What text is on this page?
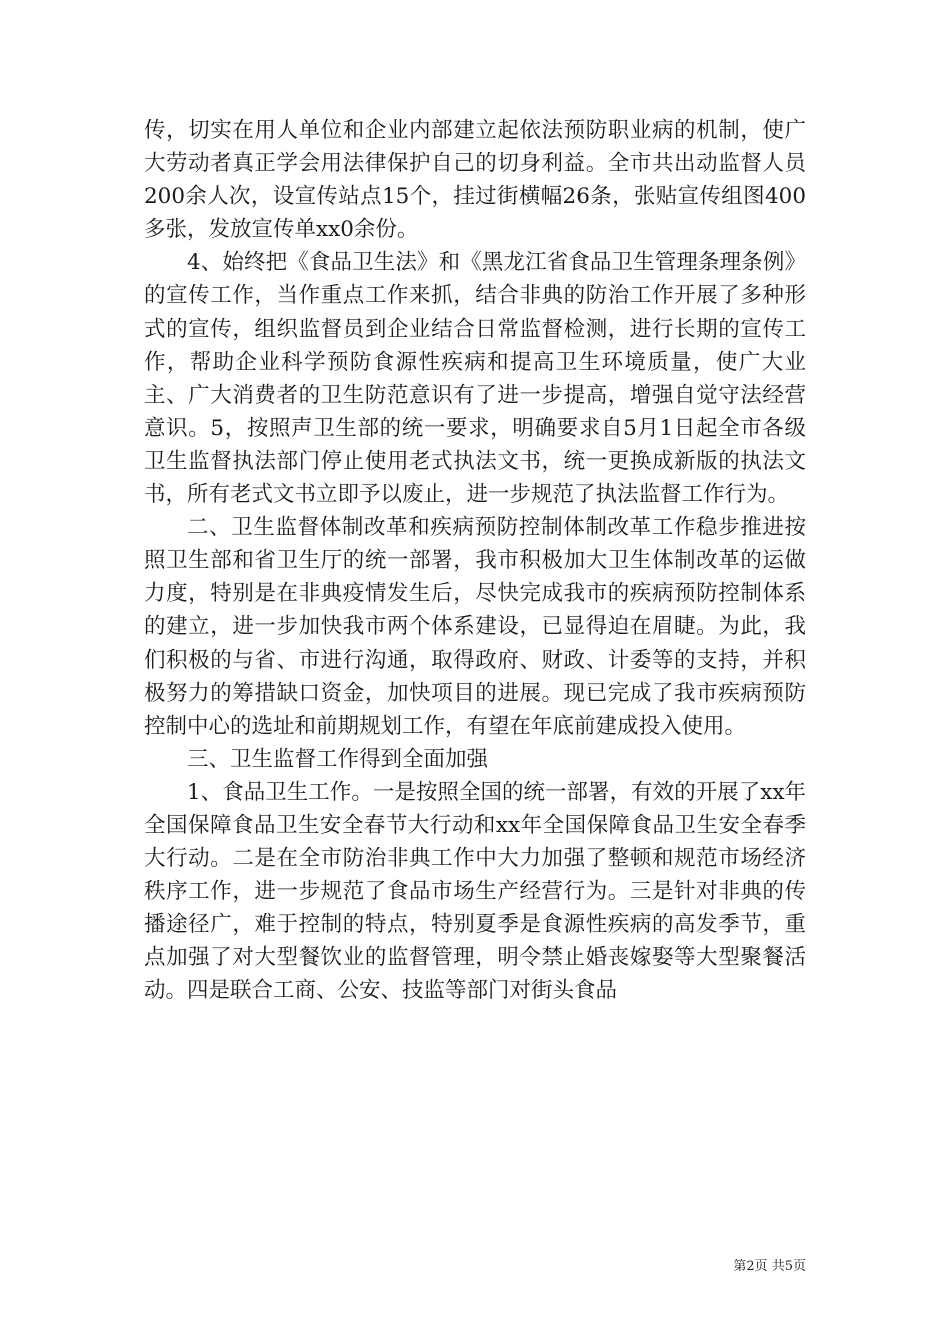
传，切实在用人单位和企业内部建立起依法预防职业病的机制，使广大劳动者真正学会用法律保护自己的切身利益。全市共出动监督人员200余人次，设宣传站点15个，挂过街横幅26条，张贴宣传组图400多张，发放宣传单xx0余份。

4、始终把《食品卫生法》和《黑龙江省食品卫生管理条理条例》的宣传工作，当作重点工作来抓，结合非典的防治工作开展了多种形式的宣传，组织监督员到企业结合日常监督检测，进行长期的宣传工作，帮助企业科学预防食源性疾病和提高卫生环境质量，使广大业主、广大消费者的卫生防范意识有了进一步提高，增强自觉守法经营意识。5，按照声卫生部的统一要求，明确要求自5月1日起全市各级卫生监督执法部门停止使用老式执法文书，统一更换成新版的执法文书，所有老式文书立即予以废止，进一步规范了执法监督工作行为。

二、卫生监督体制改革和疾病预防控制体制改革工作稳步推进按照卫生部和省卫生厅的统一部署，我市积极加大卫生体制改革的运做力度，特别是在非典疫情发生后，尽快完成我市的疾病预防控制体系的建立，进一步加快我市两个体系建设，已显得迫在眉睫。为此，我们积极的与省、市进行沟通，取得政府、财政、计委等的支持，并积极努力的筹措缺口资金，加快项目的进展。现已完成了我市疾病预防控制中心的选址和前期规划工作，有望在年底前建成投入使用。

三、卫生监督工作得到全面加强

1、食品卫生工作。一是按照全国的统一部署，有效的开展了xx年全国保障食品卫生安全春节大行动和xx年全国保障食品卫生安全春季大行动。二是在全市防治非典工作中大力加强了整顿和规范市场经济秩序工作，进一步规范了食品市场生产经营行为。三是针对非典的传播途径广，难于控制的特点，特别夏季是食源性疾病的高发季节，重点加强了对大型餐饮业的监督管理，明令禁止婚丧嫁娶等大型聚餐活动。四是联合工商、公安、技监等部门对街头食品

第2页 共5页
